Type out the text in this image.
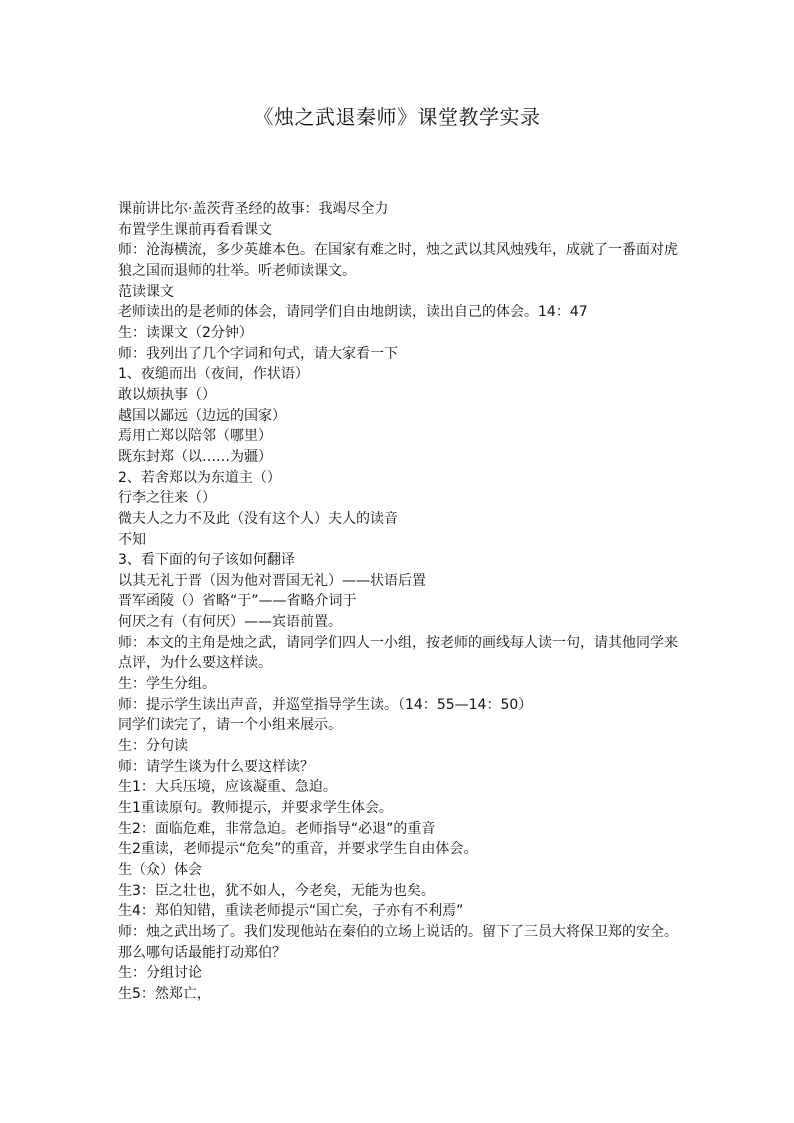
《烛之武退秦师》课堂教学实录

课前讲比尔·盖茨背圣经的故事：我竭尽全力

布置学生课前再看看课文

师：沧海横流，多少英雄本色。在国家有难之时，烛之武以其风烛残年，成就了一番面对虎狼之国而退师的壮举。听老师读课文。

范读课文

老师读出的是老师的体会，请同学们自由地朗读，读出自己的体会。14：47

生：读课文（2分钟）

师：我列出了几个字词和句式，请大家看一下

1、夜缒而出（夜间，作状语）

敢以烦执事（）

越国以鄙远（边远的国家）

焉用亡郑以陪邻（哪里）

既东封郑（以……为疆）

2、若舍郑以为东道主（）

行李之往来（）

微夫人之力不及此（没有这个人）夫人的读音

不知

3、看下面的句子该如何翻译

以其无礼于晋（因为他对晋国无礼）——状语后置

晋军函陵（）省略“于”——省略介词于

何厌之有（有何厌）——宾语前置。

师：本文的主角是烛之武，请同学们四人一小组，按老师的画线每人读一句，请其他同学来点评，为什么要这样读。

生：学生分组。

师：提示学生读出声音，并巡堂指导学生读。（14：55—14：50）

同学们读完了，请一个小组来展示。

生：分句读

师：请学生谈为什么要这样读？

生1：大兵压境，应该凝重、急迫。

生1重读原句。教师提示，并要求学生体会。

生2：面临危难，非常急迫。老师指导“必退”的重音

生2重读，老师提示“危矣”的重音，并要求学生自由体会。

生（众）体会

生3：臣之壮也，犹不如人，今老矣，无能为也矣。

生4：郑伯知错，重读老师提示“国亡矣，子亦有不利焉”

师：烛之武出场了。我们发现他站在秦伯的立场上说话的。留下了三员大将保卫郑的安全。那么哪句话最能打动郑伯？

生：分组讨论

生5：然郑亡，
